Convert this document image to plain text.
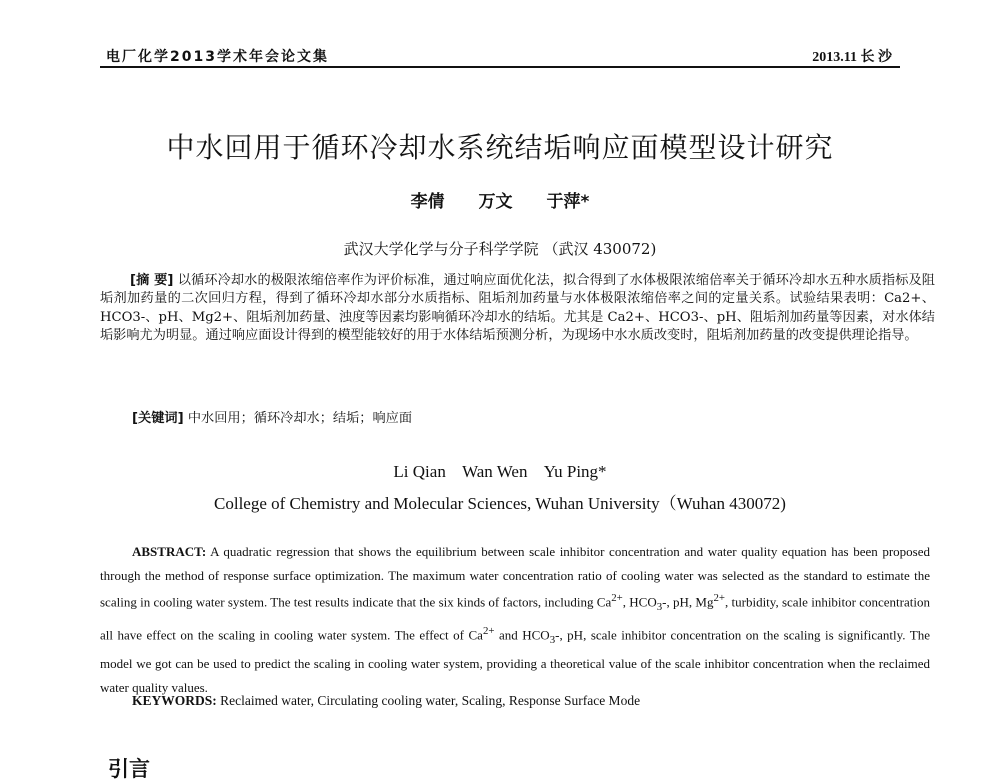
电厂化学2013学术年会论文集	2013.11 长 沙
中水回用于循环冷却水系统结垢响应面模型设计研究
李倩 万文 于萍*
武汉大学化学与分子科学学院 （武汉 430072)
[摘 要] 以循环冷却水的极限浓缩倍率作为评价标准，通过响应面优化法，拟合得到了水体极限浓缩倍率关于循环冷却水五种水质指标及阻垢剂加药量的二次回归方程，得到了循环冷却水部分水质指标、阻垢剂加药量与水体极限浓缩倍率之间的定量关系。试验结果表明：Ca2+、HCO3-、pH、Mg2+、阻垢剂加药量、浊度等因素均影响循环冷却水的结垢。尤其是 Ca2+、HCO3-、pH、阻垢剂加药量等因素，对水体结垢影响尤为明显。通过响应面设计得到的模型能较好的用于水体结垢预测分析，为现场中水水质改变时，阻垢剂加药量的改变提供理论指导。
[关键词] 中水回用；循环冷却水；结垢；响应面
Li Qian Wan Wen Yu Ping*
College of Chemistry and Molecular Sciences, Wuhan University（Wuhan 430072)
ABSTRACT: A quadratic regression that shows the equilibrium between scale inhibitor concentration and water quality equation has been proposed through the method of response surface optimization. The maximum water concentration ratio of cooling water was selected as the standard to estimate the scaling in cooling water system. The test results indicate that the six kinds of factors, including $Ca^{2+}$, $HCO_3-$, pH, $Mg^{2+}$, turbidity, scale inhibitor concentration all have effect on the scaling in cooling water system. The effect of $Ca^{2+}$ and $HCO_3-$, pH, scale inhibitor concentration on the scaling is significantly. The model we got can be used to predict the scaling in cooling water system, providing a theoretical value of the scale inhibitor concentration when the reclaimed water quality values.
KEYWORDS: Reclaimed water, Circulating cooling water, Scaling, Response Surface Mode
引言
